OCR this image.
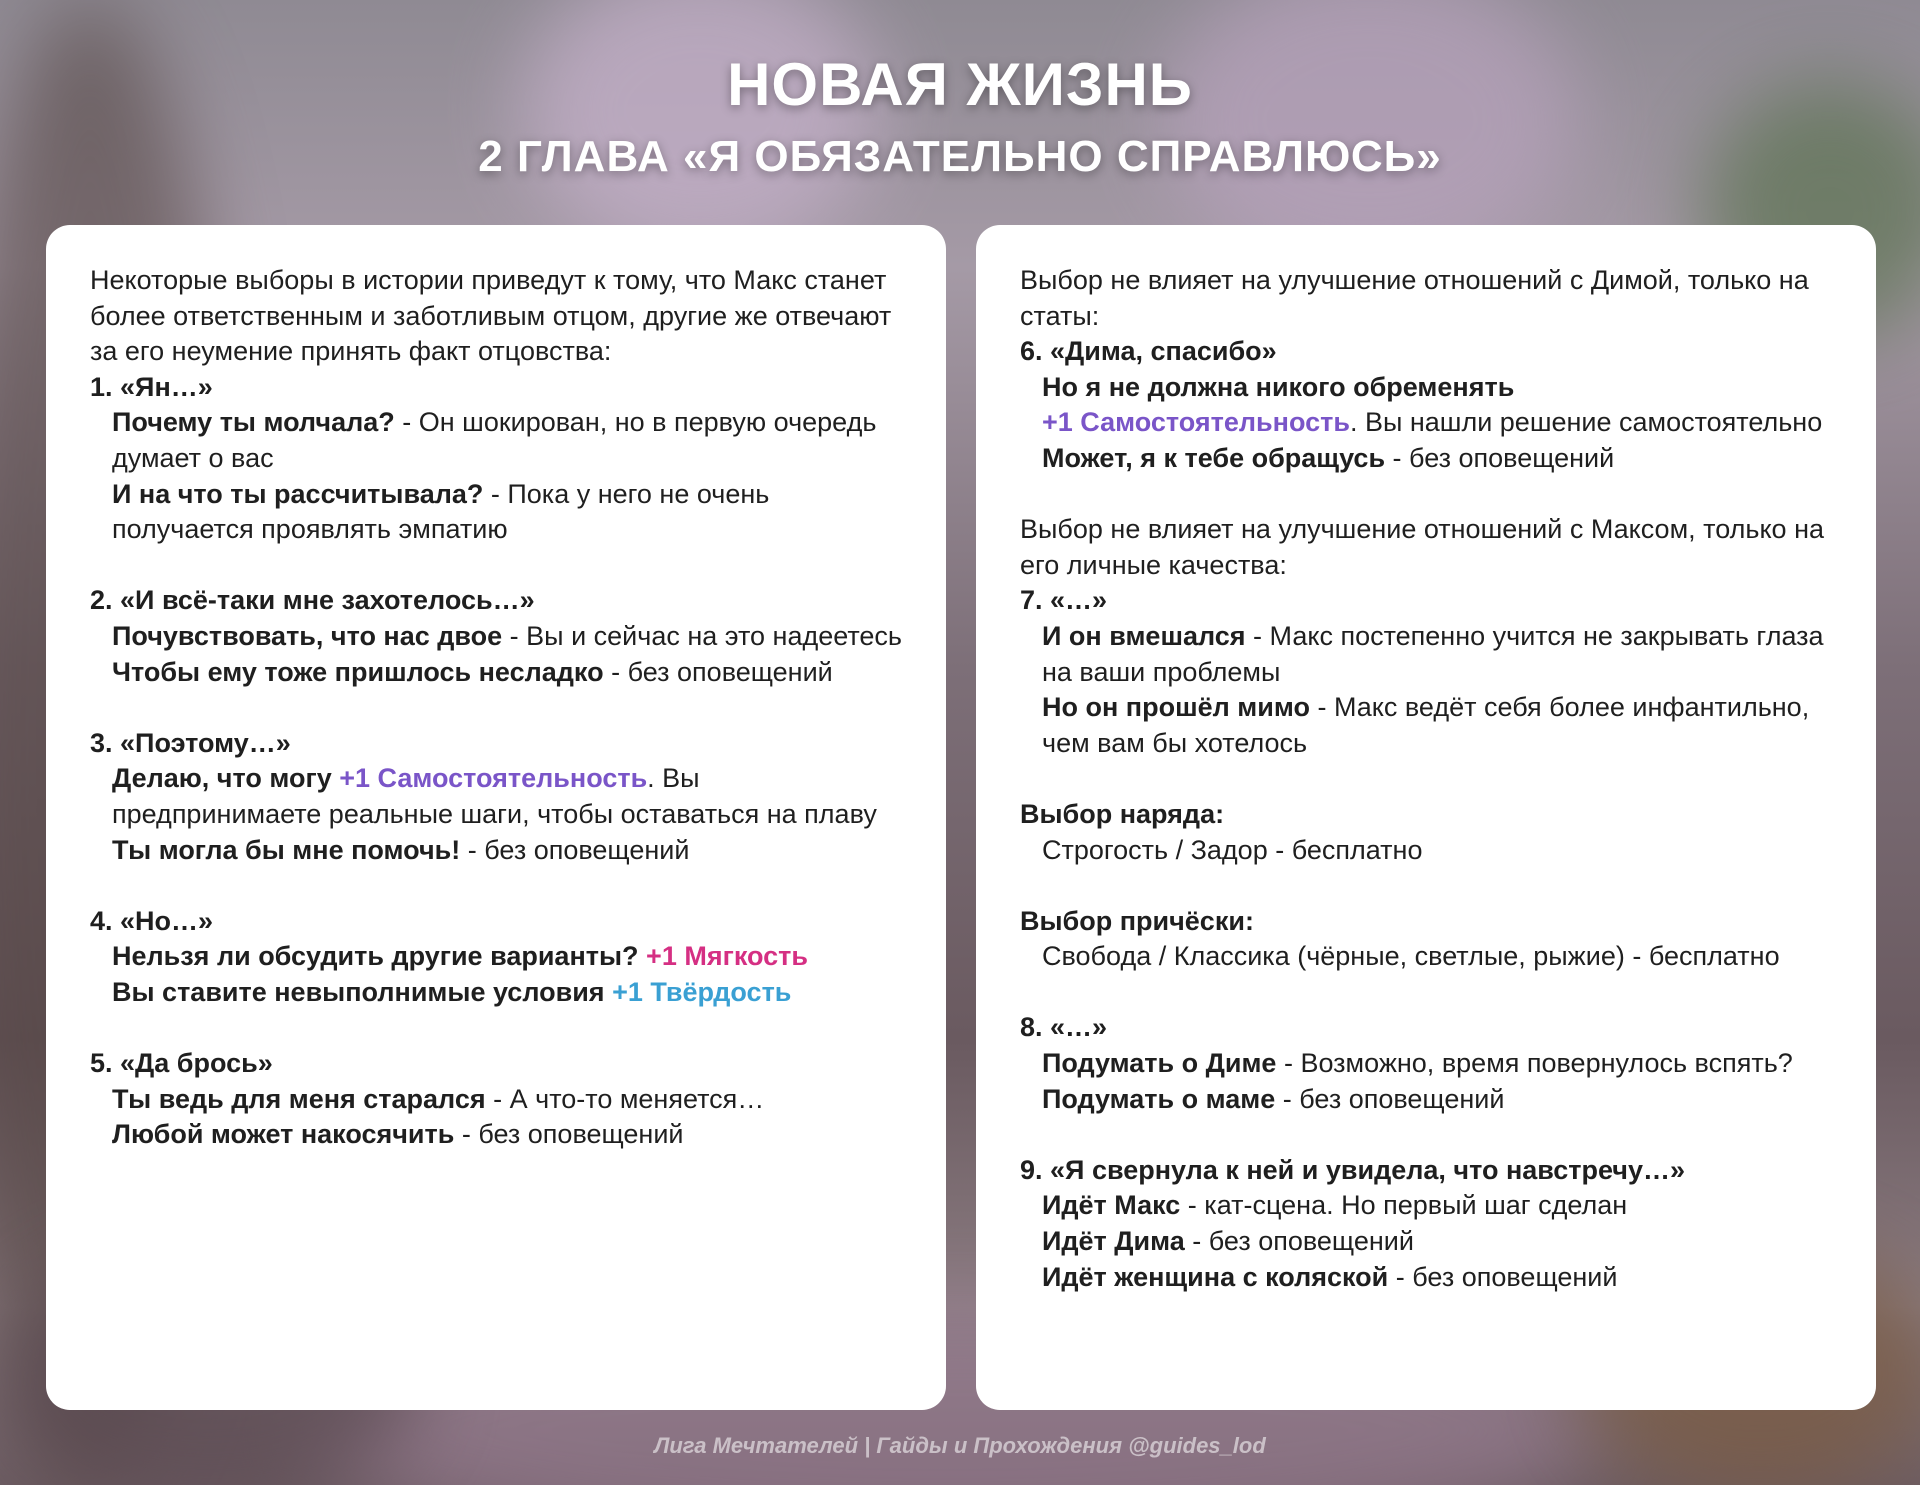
НОВАЯ ЖИЗНЬ
2 ГЛАВА «Я ОБЯЗАТЕЛЬНО СПРАВЛЮСЬ»

Некоторые выборы в истории приведут к тому, что Макс станет более ответственным и заботливым отцом, другие же отвечают за его неумение принять факт отцовства:

1. «Ян…»

Почему ты молчала? - Он шокирован, но в первую очередь думает о вас

И на что ты рассчитывала? - Пока у него не очень получается проявлять эмпатию

2. «И всё-таки мне захотелось…»

Почувствовать, что нас двое - Вы и сейчас на это надеетесь

Чтобы ему тоже пришлось несладко - без оповещений

3. «Поэтому…»

Делаю, что могу +1 Самостоятельность. Вы предпринимаете реальные шаги, чтобы оставаться на плаву

Ты могла бы мне помочь! - без оповещений

4. «Но…»

Нельзя ли обсудить другие варианты? +1 Мягкость

Вы ставите невыполнимые условия +1 Твёрдость

5. «Да брось»

Ты ведь для меня старался - А что-то меняется…

Любой может накосячить - без оповещений

Выбор не влияет на улучшение отношений с Димой, только на статы:

6. «Дима, спасибо»

Но я не должна никого обременять

+1 Самостоятельность. Вы нашли решение самостоятельно

Может, я к тебе обращусь - без оповещений

Выбор не влияет на улучшение отношений с Максом, только на его личные качества:

7. «…»

И он вмешался - Макс постепенно учится не закрывать глаза на ваши проблемы

Но он прошёл мимо - Макс ведёт себя более инфантильно, чем вам бы хотелось

Выбор наряда:

Строгость / Задор - бесплатно

Выбор причёски:

Свобода / Классика (чёрные, светлые, рыжие) - бесплатно

8. «…»

Подумать о Диме - Возможно, время повернулось вспять?

Подумать о маме - без оповещений

9. «Я свернула к ней и увидела, что навстречу…»

Идёт Макс - кат-сцена. Но первый шаг сделан

Идёт Дима - без оповещений

Идёт женщина с коляской - без оповещений

Лига Мечтателей | Гайды и Прохождения @guides_lod
